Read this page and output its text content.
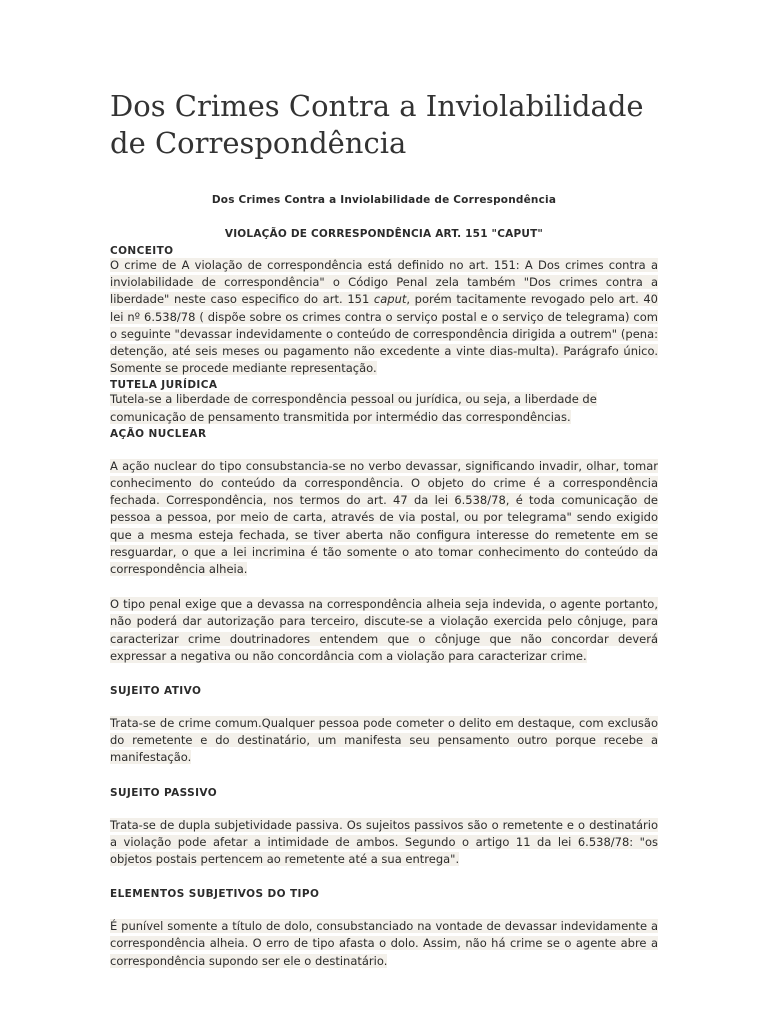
Dos Crimes Contra a Inviolabilidade de Correspondência
Dos Crimes Contra a Inviolabilidade de Correspondência
VIOLAÇÃO DE CORRESPONDÊNCIA ART. 151 "CAPUT"
CONCEITO

O crime de A violação de correspondência está definido no art. 151: A Dos crimes contra a inviolabilidade de correspondência" o Código Penal zela também "Dos crimes contra a liberdade" neste caso especifico do art. 151 caput, porém tacitamente revogado pelo art. 40 lei nº 6.538/78 ( dispõe sobre os crimes contra o serviço postal e o serviço de telegrama) com o seguinte "devassar indevidamente o conteúdo de correspondência dirigida a outrem" (pena: detenção, até seis meses ou pagamento não excedente a vinte dias-multa). Parágrafo único. Somente se procede mediante representação.

TUTELA JURÍDICA

Tutela-se a liberdade de correspondência pessoal ou jurídica, ou seja, a liberdade de comunicação de pensamento transmitida por intermédio das correspondências.

AÇÃO NUCLEAR

A ação nuclear do tipo consubstancia-se no verbo devassar, significando invadir, olhar, tomar conhecimento do conteúdo da correspondência. O objeto do crime é a correspondência fechada. Correspondência, nos termos do art. 47 da lei 6.538/78, é toda comunicação de pessoa a pessoa, por meio de carta, através de via postal, ou por telegrama" sendo exigido que a mesma esteja fechada, se tiver aberta não configura interesse do remetente em se resguardar, o que a lei incrimina é tão somente o ato tomar conhecimento do conteúdo da correspondência alheia.

O tipo penal exige que a devassa na correspondência alheia seja indevida, o agente portanto, não poderá dar autorização para terceiro, discute-se a violação exercida pelo cônjuge, para caracterizar crime doutrinadores entendem que o cônjuge que não concordar deverá expressar a negativa ou não concordância com a violação para caracterizar crime.

SUJEITO ATIVO

Trata-se de crime comum.Qualquer pessoa pode cometer o delito em destaque, com exclusão do remetente e do destinatário, um manifesta seu pensamento outro porque recebe a manifestação.

SUJEITO PASSIVO

Trata-se de dupla subjetividade passiva. Os sujeitos passivos são o remetente e o destinatário a violação pode afetar a intimidade de ambos. Segundo o artigo 11 da lei 6.538/78: "os objetos postais pertencem ao remetente até a sua entrega".

ELEMENTOS SUBJETIVOS DO TIPO

É punível somente a título de dolo, consubstanciado na vontade de devassar indevidamente a correspondência alheia. O erro de tipo afasta o dolo. Assim, não há crime se o agente abre a correspondência supondo ser ele o destinatário.
